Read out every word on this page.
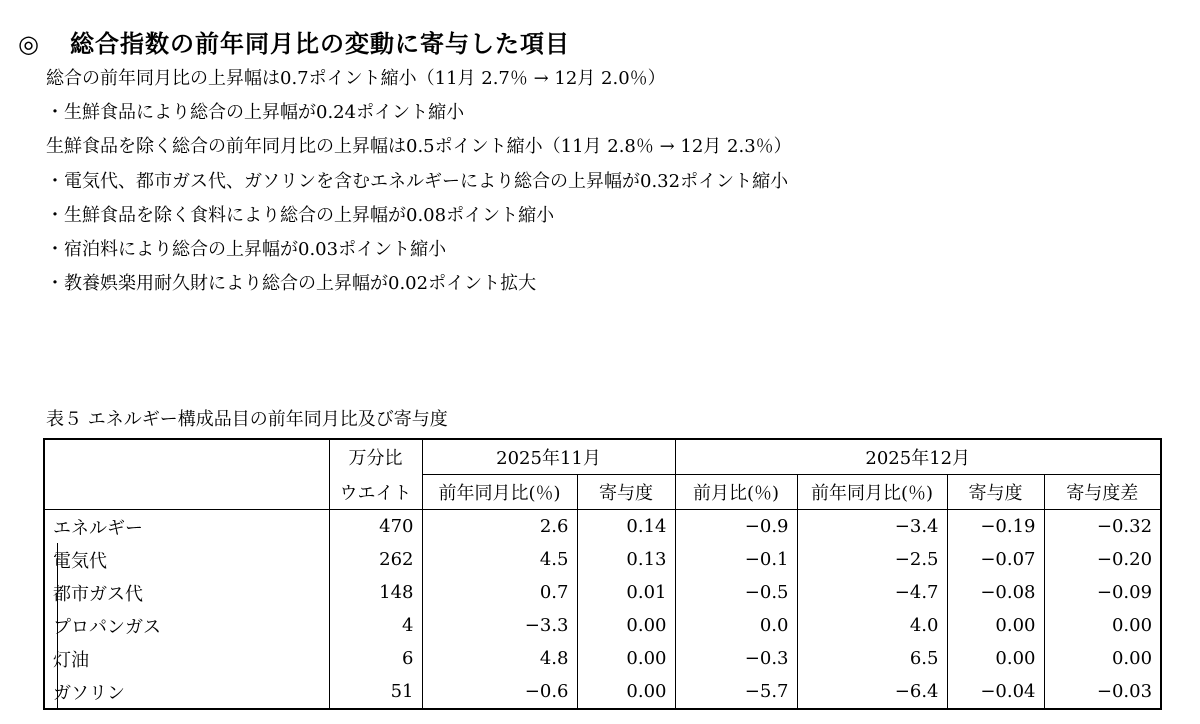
◎ 総合指数の前年同月比の変動に寄与した項目
総合の前年同月比の上昇幅は0.7ポイント縮小（11月 2.7％ → 12月 2.0％）
・生鮮食品により総合の上昇幅が0.24ポイント縮小
生鮮食品を除く総合の前年同月比の上昇幅は0.5ポイント縮小（11月 2.8％ → 12月 2.3％）
・電気代、都市ガス代、ガソリンを含むエネルギーにより総合の上昇幅が0.32ポイント縮小
・生鮮食品を除く食料により総合の上昇幅が0.08ポイント縮小
・宿泊料により総合の上昇幅が0.03ポイント縮小
・教養娯楽用耐久財により総合の上昇幅が0.02ポイント拡大
表５ エネルギー構成品目の前年同月比及び寄与度
	万分比	2025年11月		2025年12月			
	ウエイト	前年同月比(％)	寄与度	前月比(％)	前年同月比(％)	寄与度	寄与度差
エネルギー	470	2.6	0.14	−0.9	−3.4	−0.19	−0.32
電気代	262	4.5	0.13	−0.1	−2.5	−0.07	−0.20
都市ガス代	148	0.7	0.01	−0.5	−4.7	−0.08	−0.09
プロパンガス	4	−3.3	0.00	0.0	4.0	0.00	0.00
灯油	6	4.8	0.00	−0.3	6.5	0.00	0.00
ガソリン	51	−0.6	0.00	−5.7	−6.4	−0.04	−0.03
